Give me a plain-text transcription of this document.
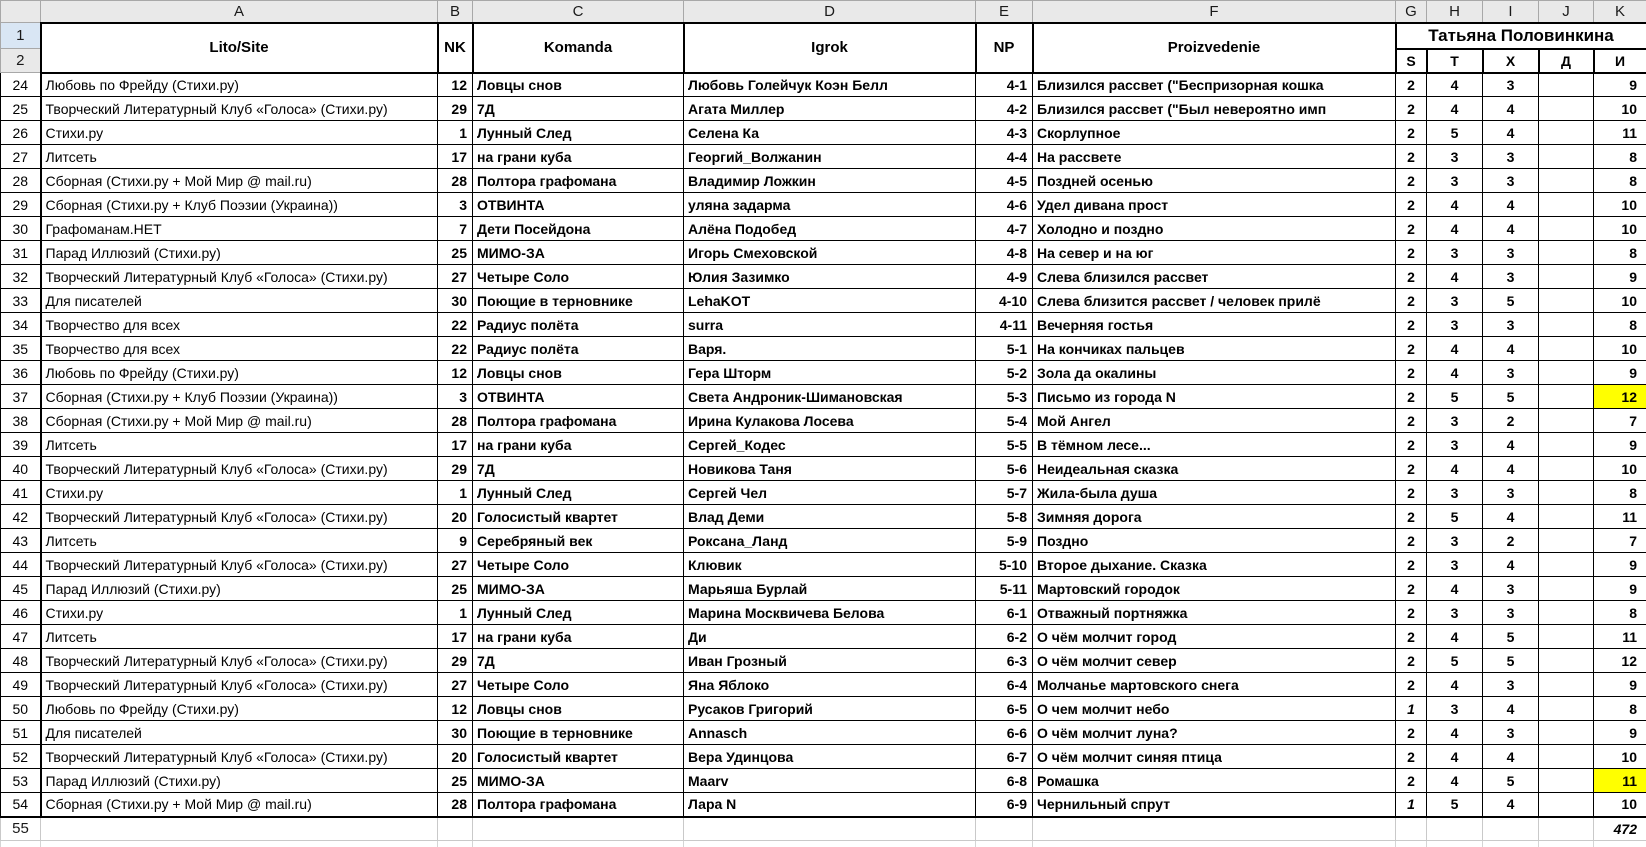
	A	B	C	D	E	F	G	H	I	J	K
1	Lito/Site	NK	Komanda	Igrok	NP	Proizvedenie	Татьяна Половинкина				
2							S	T	X	Д	И
24	Любовь по Фрейду (Стихи.ру)	12	Ловцы снов	Любовь Голейчук Коэн Белл	4-1	Близился рассвет ("Беспризорная кошка	2	4	3		9
25	Творческий Литературный Клуб «Голоса» (Стихи.ру)	29	7Д	Агата Миллер	4-2	Близился рассвет ("Был невероятно имп	2	4	4		10
26	Стихи.ру	1	Лунный След	Селена Ка	4-3	Скорлупное	2	5	4		11
27	Литсеть	17	на грани куба	Георгий_Волжанин	4-4	На рассвете	2	3	3		8
28	Сборная (Стихи.ру + Мой Мир @ mail.ru)	28	Полтора графомана	Владимир Ложкин	4-5	Поздней осенью	2	3	3		8
29	Сборная (Стихи.ру + Клуб Поэзии (Украина))	3	ОТВИНТА	уляна задарма	4-6	Удел дивана прост	2	4	4		10
30	Графоманам.НЕТ	7	Дети Посейдона	Алёна Подобед	4-7	Холодно и поздно	2	4	4		10
31	Парад Иллюзий (Стихи.ру)	25	МИМО-ЗА	Игорь Смеховской	4-8	На север и на юг	2	3	3		8
32	Творческий Литературный Клуб «Голоса» (Стихи.ру)	27	Четыре Соло	Юлия Зазимко	4-9	Слева близился рассвет	2	4	3		9
33	Для писателей	30	Поющие в терновнике	LehaKOT	4-10	Слева близится рассвет / человек прилё	2	3	5		10
34	Творчество для всех	22	Радиус полёта	surra	4-11	Вечерняя гостья	2	3	3		8
35	Творчество для всех	22	Радиус полёта	Варя.	5-1	На кончиках пальцев	2	4	4		10
36	Любовь по Фрейду (Стихи.ру)	12	Ловцы снов	Гера Шторм	5-2	Зола да окалины	2	4	3		9
37	Сборная (Стихи.ру + Клуб Поэзии (Украина))	3	ОТВИНТА	Света Андроник-Шимановская	5-3	Письмо из города N	2	5	5		12
38	Сборная (Стихи.ру + Мой Мир @ mail.ru)	28	Полтора графомана	Ирина Кулакова Лосева	5-4	Мой Ангел	2	3	2		7
39	Литсеть	17	на грани куба	Сергей_Кодес	5-5	В тёмном лесе...	2	3	4		9
40	Творческий Литературный Клуб «Голоса» (Стихи.ру)	29	7Д	Новикова Таня	5-6	Неидеальная сказка	2	4	4		10
41	Стихи.ру	1	Лунный След	Сергей Чел	5-7	Жила-была душа	2	3	3		8
42	Творческий Литературный Клуб «Голоса» (Стихи.ру)	20	Голосистый квартет	Влад Деми	5-8	Зимняя дорога	2	5	4		11
43	Литсеть	9	Серебряный век	Роксана_Ланд	5-9	Поздно	2	3	2		7
44	Творческий Литературный Клуб «Голоса» (Стихи.ру)	27	Четыре Соло	Клювик	5-10	Второе дыхание. Сказка	2	3	4		9
45	Парад Иллюзий (Стихи.ру)	25	МИМО-ЗА	Марьяша Бурлай	5-11	Мартовский городок	2	4	3		9
46	Стихи.ру	1	Лунный След	Марина Москвичева Белова	6-1	Отважный портняжка	2	3	3		8
47	Литсеть	17	на грани куба	Ди	6-2	О чём молчит город	2	4	5		11
48	Творческий Литературный Клуб «Голоса» (Стихи.ру)	29	7Д	Иван Грозный	6-3	О чём молчит север	2	5	5		12
49	Творческий Литературный Клуб «Голоса» (Стихи.ру)	27	Четыре Соло	Яна Яблоко	6-4	Молчанье мартовского снега	2	4	3		9
50	Любовь по Фрейду (Стихи.ру)	12	Ловцы снов	Русаков Григорий	6-5	О чем молчит небо	1	3	4		8
51	Для писателей	30	Поющие в терновнике	Annasch	6-6	О чём молчит луна?	2	4	3		9
52	Творческий Литературный Клуб «Голоса» (Стихи.ру)	20	Голосистый квартет	Вера Удинцова	6-7	О чём молчит синяя птица	2	4	4		10
53	Парад Иллюзий (Стихи.ру)	25	МИМО-ЗА	Maarv	6-8	Ромашка	2	4	5		11
54	Сборная (Стихи.ру + Мой Мир @ mail.ru)	28	Полтора графомана	Лара N	6-9	Чернильный спрут	1	5	4		10
55											472
